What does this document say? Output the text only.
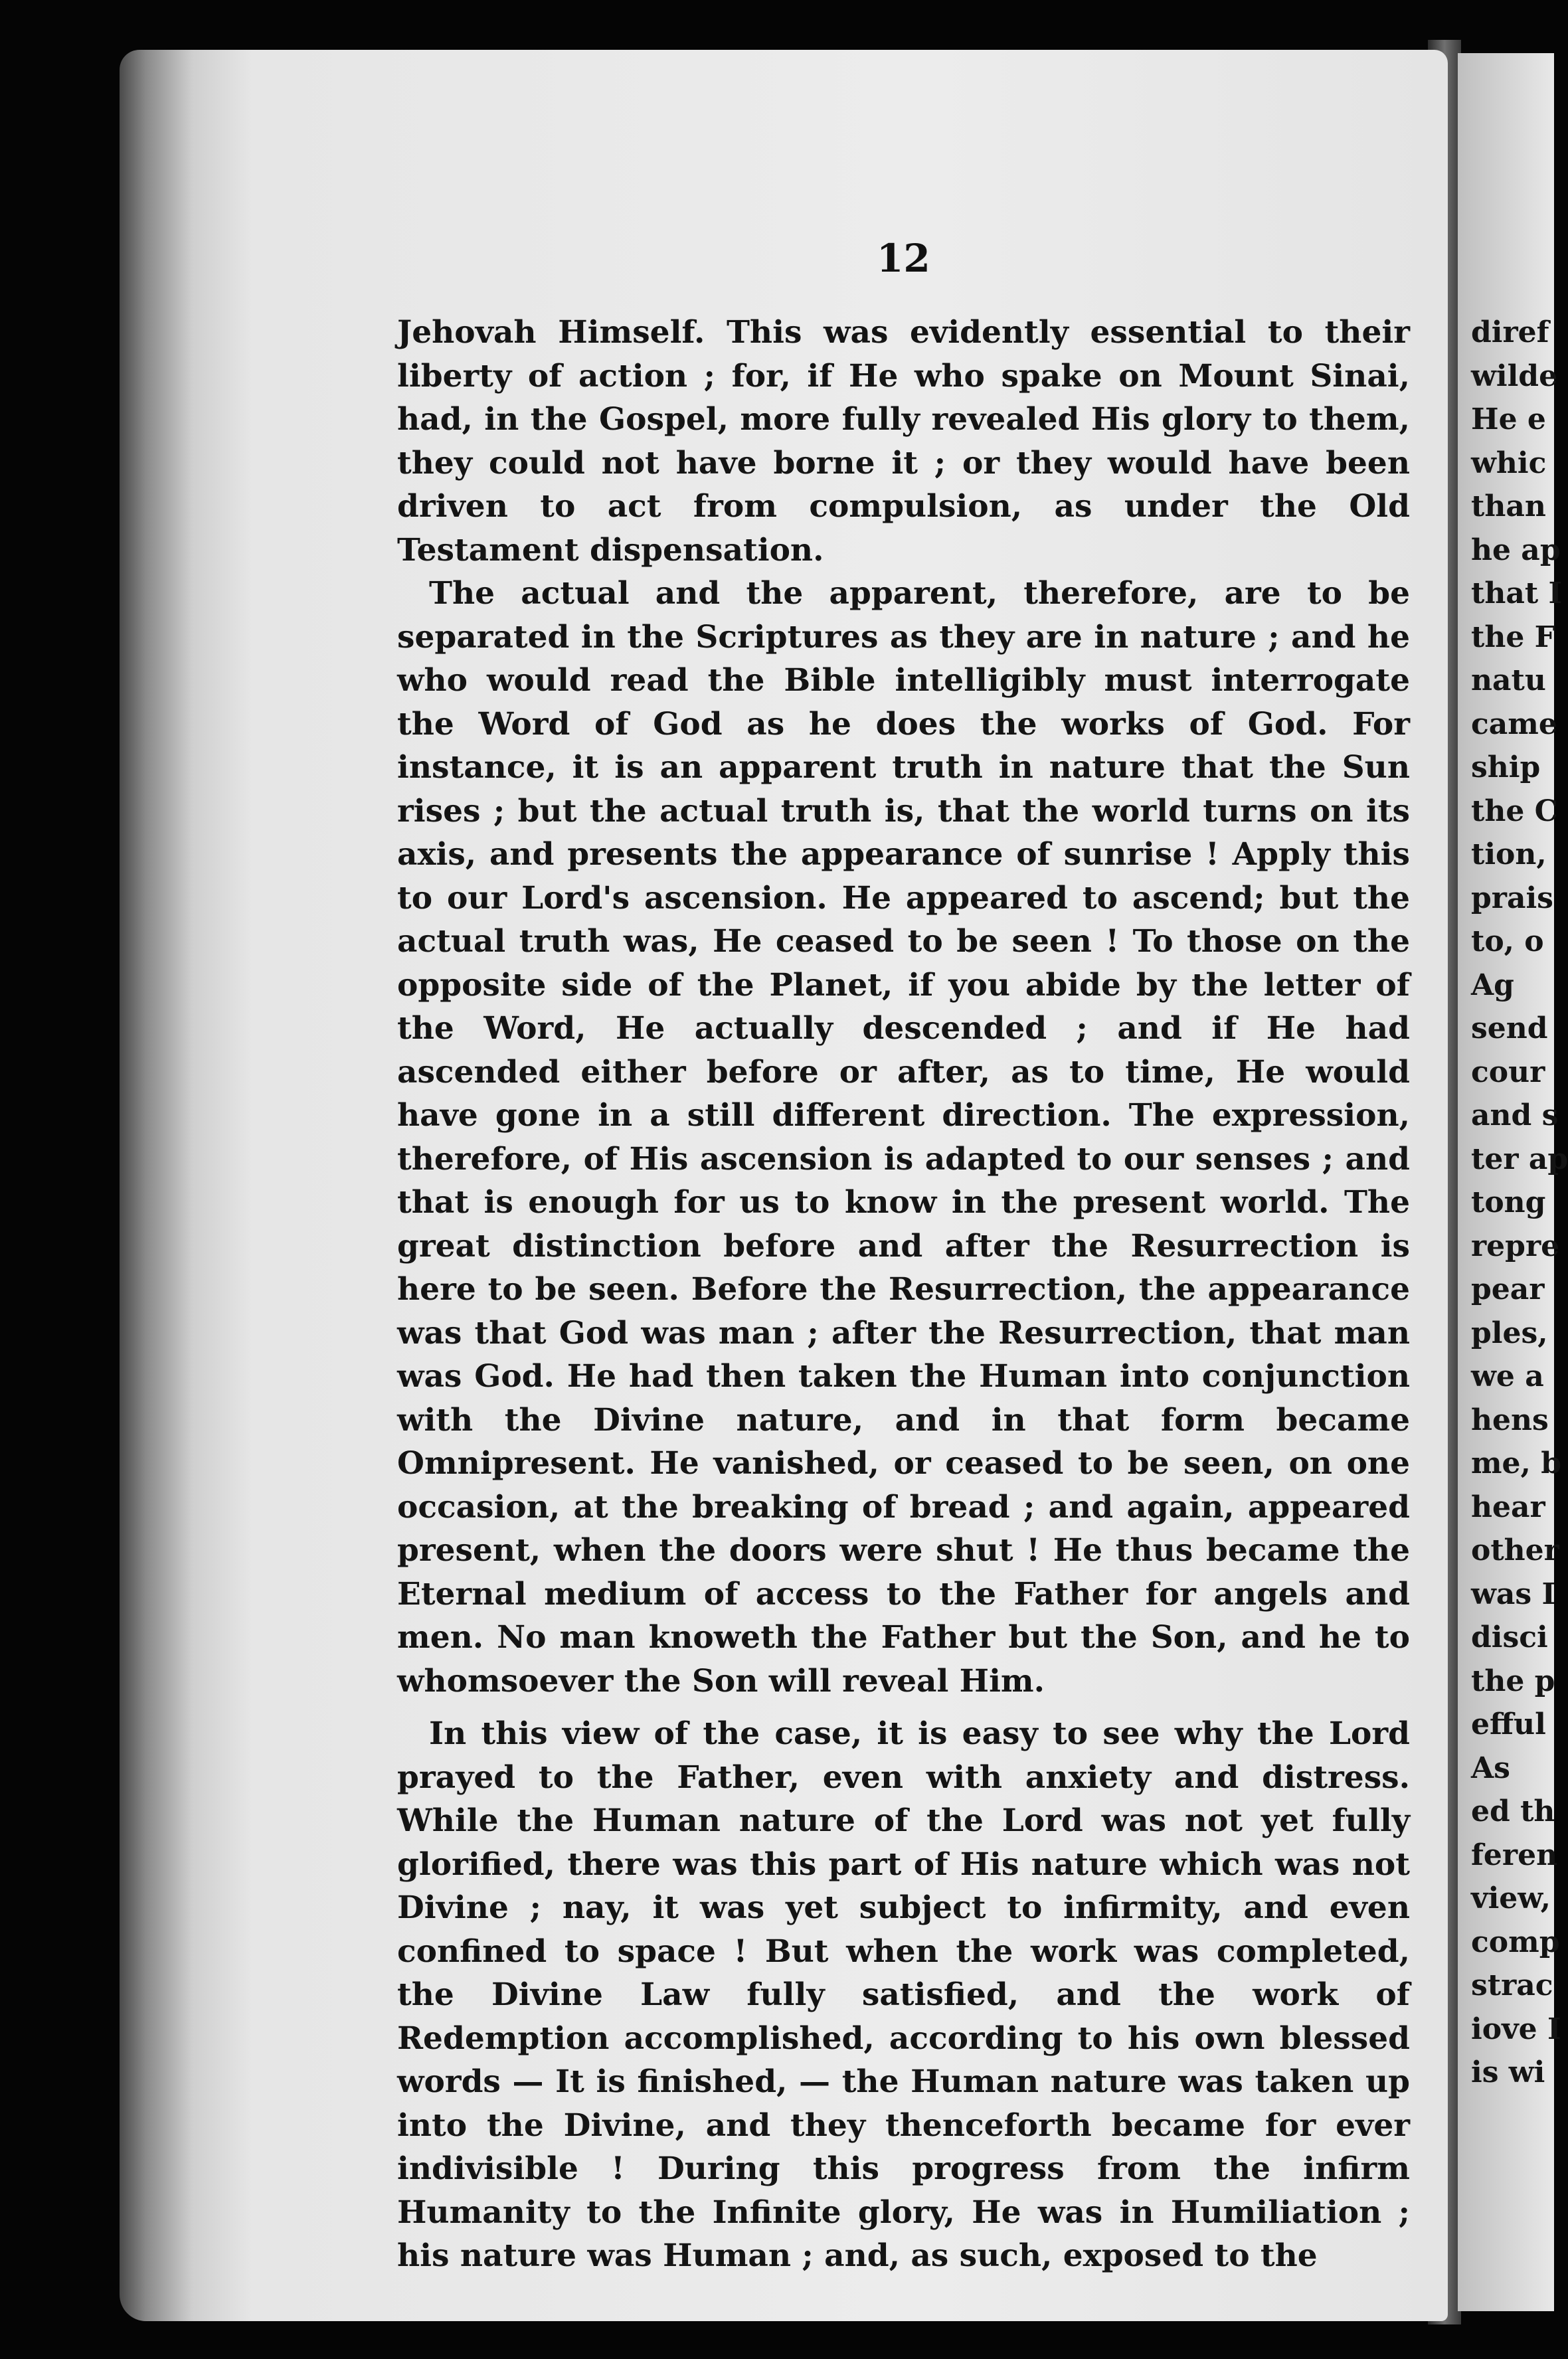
12

Jehovah Himself. This was evidently essential to their liberty of action ; for, if He who spake on Mount Sinai, had, in the Gospel, more fully revealed His glory to them, they could not have borne it ; or they would have been driven to act from compulsion, as under the Old Testament dispensation.

The actual and the apparent, therefore, are to be separated in the Scriptures as they are in nature ; and he who would read the Bible intelligibly must interrogate the Word of God as he does the works of God. For instance, it is an apparent truth in nature that the Sun rises ; but the actual truth is, that the world turns on its axis, and presents the appearance of sunrise ! Apply this to our Lord's ascension. He appeared to ascend; but the actual truth was, He ceased to be seen ! To those on the opposite side of the Planet, if you abide by the letter of the Word, He actually descended ; and if He had ascended either before or after, as to time, He would have gone in a still different direction. The expression, therefore, of His ascension is adapted to our senses ; and that is enough for us to know in the present world. The great distinction before and after the Resurrection is here to be seen. Before the Resurrection, the appearance was that God was man ; after the Resurrection, that man was God. He had then taken the Human into conjunction with the Divine nature, and in that form became Omnipresent. He vanished, or ceased to be seen, on one occasion, at the breaking of bread ; and again, appeared present, when the doors were shut ! He thus became the Eternal medium of access to the Father for angels and men. No man knoweth the Father but the Son, and he to whomsoever the Son will reveal Him.

In this view of the case, it is easy to see why the Lord prayed to the Father, even with anxiety and distress. While the Human nature of the Lord was not yet fully glorified, there was this part of His nature which was not Divine ; nay, it was yet subject to infirmity, and even confined to space ! But when the work was completed, the Divine Law fully satisfied, and the work of Redemption accomplished, according to his own blessed words — It is finished, — the Human nature was taken up into the Divine, and they thenceforth became for ever indivisible ! During this progress from the infirm Humanity to the Infinite glory, He was in Humiliation ; his nature was Human ; and, as such, exposed to the

diref
wilde
He e
whic
than
he ap
that I
the F
natu
came
ship
the C
tion,
prais
to, o
Ag
send
cour
and s
ter ap
tong
repre
pear
ples,
we a
hens
me, b
hear
other
was I
disci
the p
efful
As
ed th
feren
view,
comp
strac
iove I
is wi
